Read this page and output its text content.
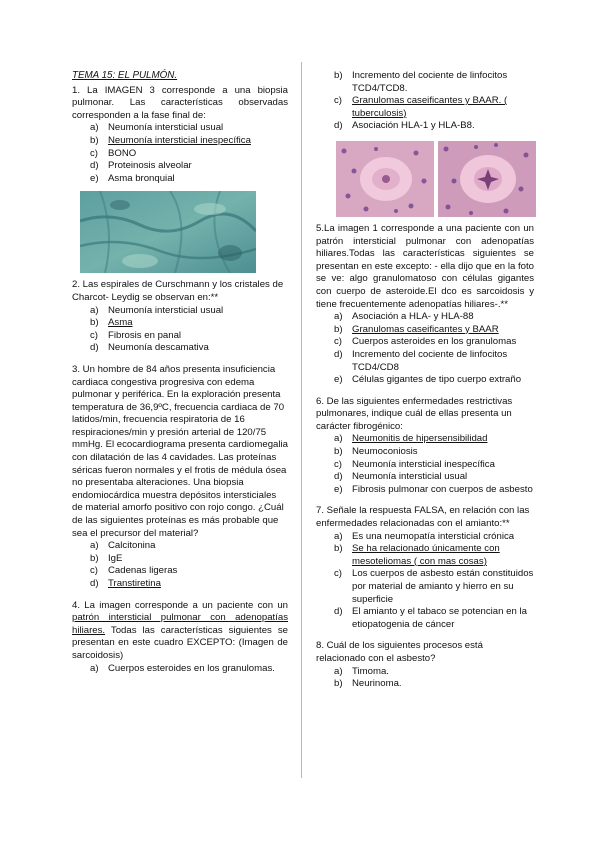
TEMA 15: EL PULMÓN.

1. La IMAGEN 3 corresponde a una biopsia pulmonar. Las características observadas corresponden a la fase final de:

a) Neumonía intersticial usual
b) Neumonía intersticial inespecífica
c) BONO
d) Proteinosis alveolar
e) Asma bronquial

2. Las espirales de Curschmann y los cristales de Charcot- Leydig se observan en:**

a) Neumonía intersticial usual
b) Asma
c) Fibrosis en panal
d) Neumonía descamativa

3. Un hombre de 84 años presenta insuficiencia cardiaca congestiva progresiva con edema pulmonar y periférica. En la exploración presenta temperatura de 36,9ºC, frecuencia cardiaca de 70 latidos/min, frecuencia respiratoria de 16 respiraciones/min y presión arterial de 120/75 mmHg. El ecocardiograma presenta cardiomegalia con dilatación de las 4 cavidades. Las proteínas séricas fueron normales y el frotis de médula ósea no presentaba alteraciones. Una biopsia endomiocárdica muestra depósitos intersticiales de material amorfo positivo con rojo congo. ¿Cuál de las siguientes proteínas es más probable que sea el precursor del material?

a) Calcitonina
b) IgE
c) Cadenas ligeras
d) Transtiretina

4. La imagen corresponde a un paciente con un patrón intersticial pulmonar con adenopatías hiliares. Todas las características siguientes se presentan en este cuadro EXCEPTO: (Imagen de sarcoidosis)

a) Cuerpos esteroides en los granulomas.
b) Incremento del cociente de linfocitos TCD4/TCD8.
c) Granulomas caseificantes y BAAR. ( tuberculosis)
d) Asociación HLA-1 y HLA-B8.

5.La imagen 1 corresponde a una paciente con un patrón intersticial pulmonar con adenopatías hiliares.Todas las características siguientes se presentan en este excepto: - ella dijo que en la foto se ve: algo granulomatoso con células gigantes con cuerpo de asteroide.El dco es sarcoidosis y tiene frecuentemente adenopatías hiliares-.**

a) Asociación a HLA- y HLA-88
b) Granulomas caseificantes y BAAR
c) Cuerpos asteroides en los granulomas
d) Incremento del cociente de linfocitos TCD4/CD8
e) Células gigantes de tipo cuerpo extraño

6. De las siguientes enfermedades restrictivas pulmonares, indique cuál de ellas presenta un carácter fibrogénico:

a) Neumonitis de hipersensibilidad
b) Neumoconiosis
c) Neumonía intersticial inespecífica
d) Neumonía intersticial usual
e) Fibrosis pulmonar con cuerpos de asbesto

7. Señale la respuesta FALSA, en relación con las enfermedades relacionadas con el amianto:**

a) Es una neumopatía intersticial crónica
b) Se ha relacionado únicamente con mesoteliomas ( con mas cosas)
c) Los cuerpos de asbesto están constituidos por material de amianto y hierro en su superficie
d) El amianto y el tabaco se potencian en la etiopatogenia de cáncer

8. Cuál de los siguientes procesos está relacionado con el asbesto?

a) Timoma.
b) Neurinoma.
